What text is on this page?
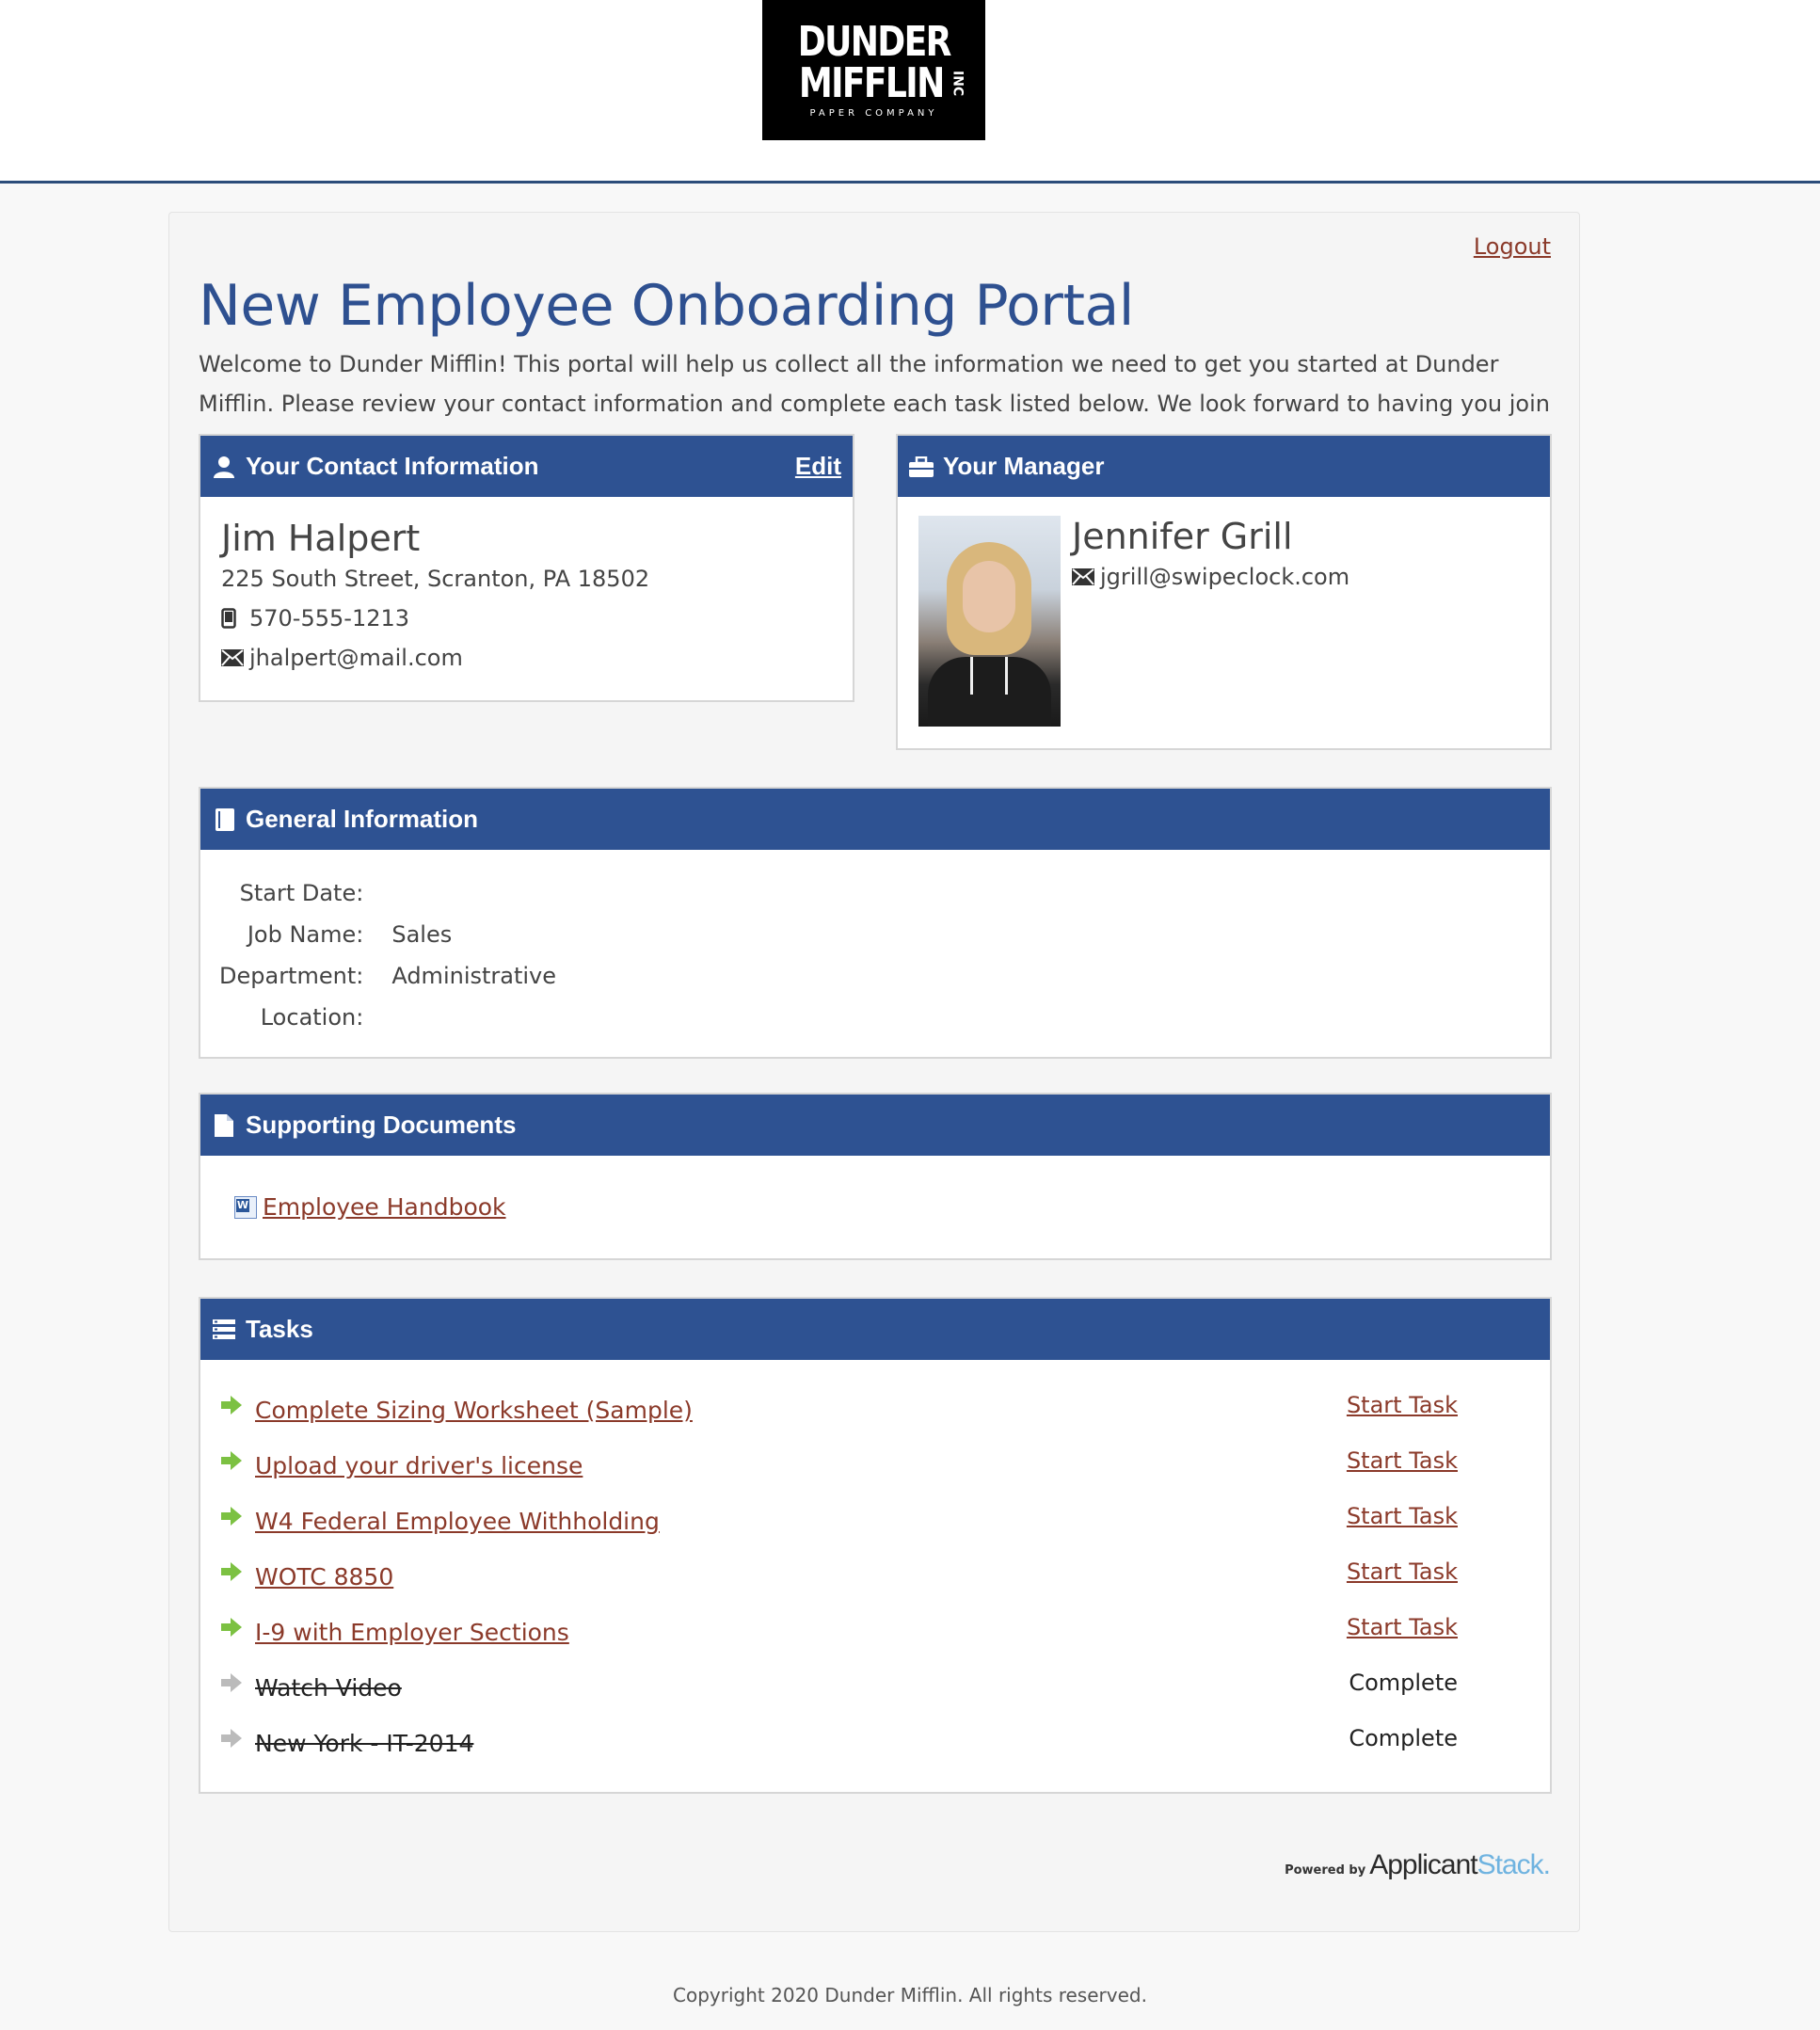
DUNDER
MIFFLIN INC
PAPER COMPANY
Logout
New Employee Onboarding Portal

Welcome to Dunder Mifflin! This portal will help us collect all the information we need to get you started at Dunder Mifflin. Please review your contact information and complete each task listed below. We look forward to having you join

Your Contact Information	Edit
Jim Halpert
225 South Street, Scranton, PA 18502
570-555-1213
jhalpert@mail.com
Your Manager
Jennifer Grill
jgrill@swipeclock.com
General Information
Start Date:	
Job Name:	Sales
Department:	Administrative
Location:	
Supporting Documents
W Employee Handbook
Tasks
Complete Sizing Worksheet (Sample)	Start Task
Upload your driver's license	Start Task
W4 Federal Employee Withholding	Start Task
WOTC 8850	Start Task
I-9 with Employer Sections	Start Task
Watch Video	Complete
New York - IT-2014	Complete
Powered by Applicant Stack .
Copyright 2020 Dunder Mifflin. All rights reserved.
